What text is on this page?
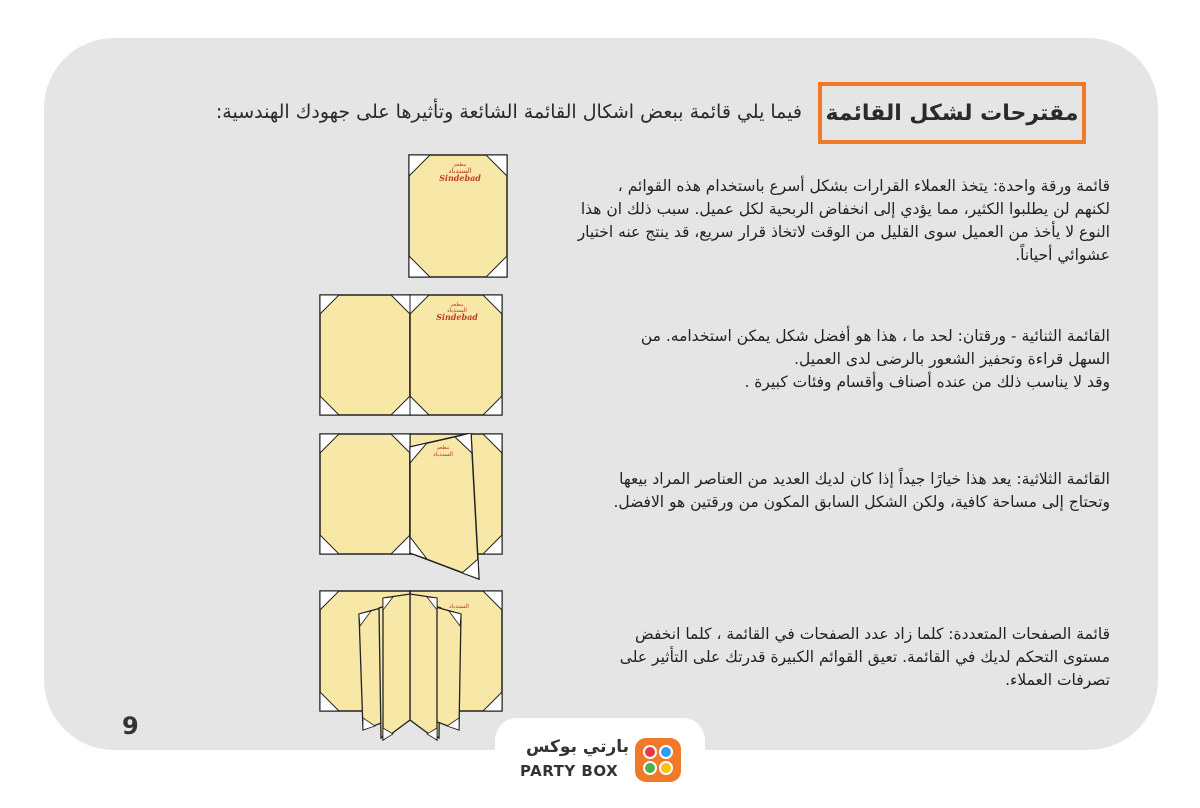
مقترحات لشكل القائمة
فيما يلي قائمة ببعض اشكال القائمة الشائعة وتأثيرها على جهودك الهندسية:
مطعم
السندباد
Sindebad
مطعم
السندباد
Sindebad
مطعم
السندباد
السندباد
قائمة ورقة واحدة: يتخذ العملاء القرارات بشكل أسرع باستخدام هذه القوائم ،
لكنهم لن يطلبوا الكثير، مما يؤدي إلى انخفاض الربحية لكل عميل. سبب ذلك ان هذا
النوع لا يأخذ من العميل سوى القليل من الوقت لاتخاذ قرار سريع، قد ينتج عنه اختيار
عشوائي أحياناً.
القائمة الثنائية - ورقتان: لحد ما ، هذا هو أفضل شكل يمكن استخدامه. من
السهل قراءة وتحفيز الشعور بالرضى لدى العميل.
وقد لا يناسب ذلك من عنده أصناف وأقسام وفئات كبيرة .
القائمة الثلاثية: يعد هذا خيارًا جيداً إذا كان لديك العديد من العناصر المراد بيعها
وتحتاج إلى مساحة كافية، ولكن الشكل السابق المكون من ورقتين هو الافضل.
قائمة الصفحات المتعددة: كلما زاد عدد الصفحات في القائمة ، كلما انخفض
مستوى التحكم لديك في القائمة. تعيق القوائم الكبيرة قدرتك على التأثير على
تصرفات العملاء.
9
بارتي بوكس
PARTY BOX
